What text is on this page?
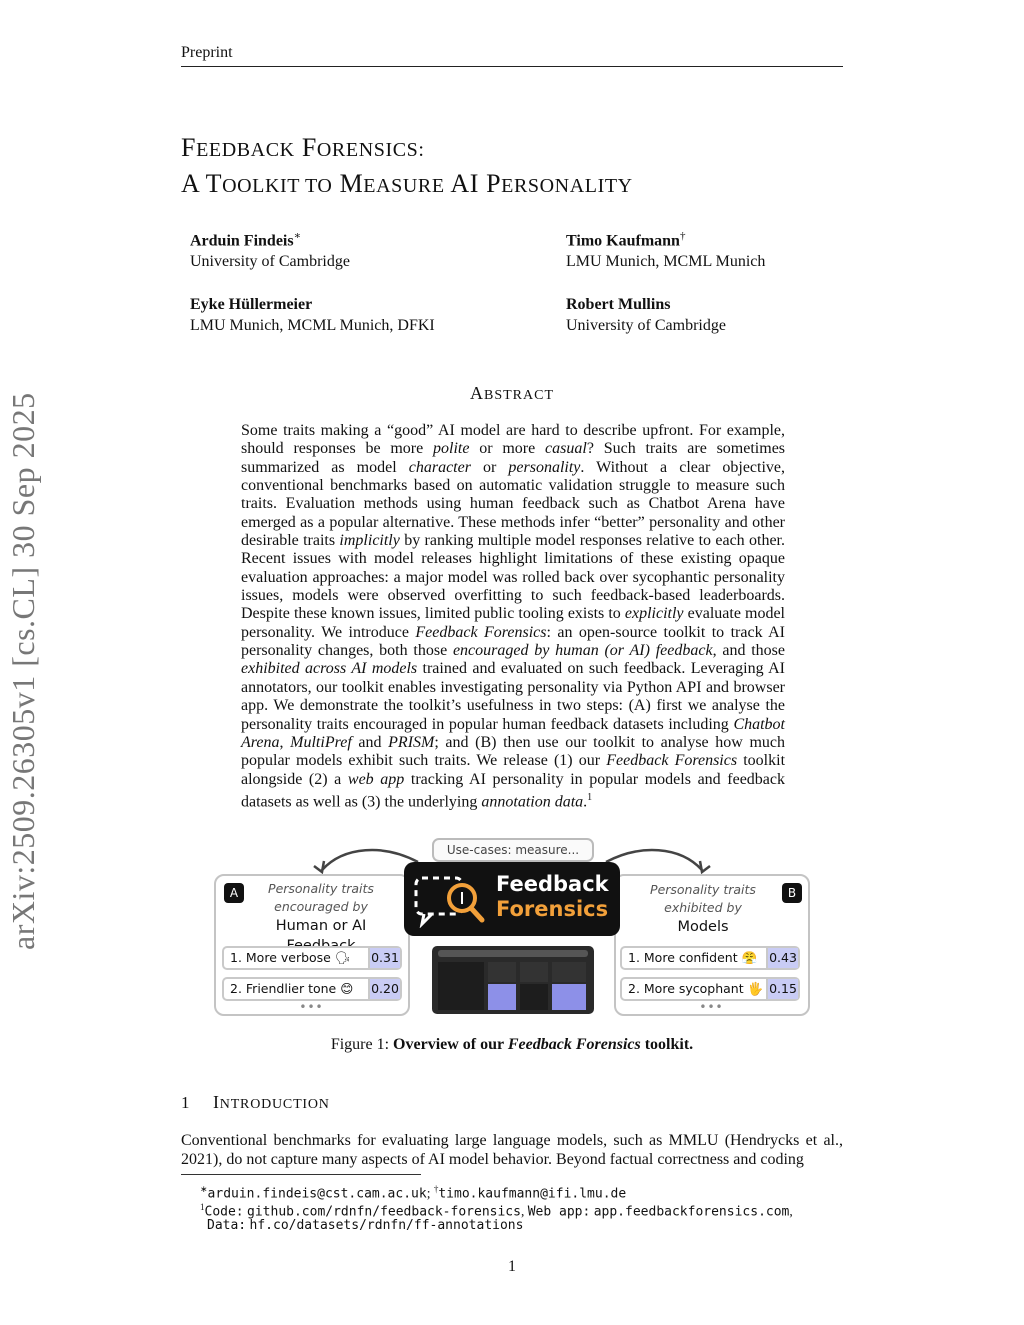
Preprint
arXiv:2509.26305v1 [cs.CL] 30 Sep 2025
FEEDBACK FORENSICS:
A TOOLKIT TO MEASURE AI PERSONALITY
Arduin Findeis∗
University of Cambridge
Timo Kaufmann†
LMU Munich, MCML Munich
Eyke Hüllermeier
LMU Munich, MCML Munich, DFKI
Robert Mullins
University of Cambridge
ABSTRACT
Some traits making a “good” AI model are hard to describe upfront. For example, should responses be more polite or more casual? Such traits are sometimes summarized as model character or personality. Without a clear objective, conventional benchmarks based on automatic validation struggle to measure such traits. Evaluation methods using human feedback such as Chatbot Arena have emerged as a popular alternative. These methods infer “better” personality and other desirable traits implicitly by ranking multiple model responses relative to each other. Recent issues with model releases highlight limitations of these existing opaque evaluation approaches: a major model was rolled back over sycophantic personality issues, models were observed overfitting to such feedback-based leaderboards. Despite these known issues, limited public tooling exists to explicitly evaluate model personality. We introduce Feedback Forensics: an open-source toolkit to track AI personality changes, both those encouraged by human (or AI) feedback, and those exhibited across AI models trained and evaluated on such feedback. Leveraging AI annotators, our toolkit enables investigating personality via Python API and browser app. We demonstrate the toolkit’s usefulness in two steps: (A) first we analyse the personality traits encouraged in popular human feedback datasets including Chatbot Arena, MultiPref and PRISM; and (B) then use our toolkit to analyse how much popular models exhibit such traits. We release (1) our Feedback Forensics toolkit alongside (2) a web app tracking AI personality in popular models and feedback datasets as well as (3) the underlying annotation data.$^1$
Use-cases: measure...
A	Personality traits
encouraged by
Human or AI
1. More verbose 🗣 0.31
2. Friendlier tone 😊 0.20
•••
B
Personality traits
exhibited by
Models
1. More confident 😤 0.43
2. More sycophant 🖐 0.15
•••
Feedback
Forensics
Figure 1: Overview of our Feedback Forensics toolkit.
1 INTRODUCTION
Conventional benchmarks for evaluating large language models, such as MMLU (Hendrycks et al., 2021), do not capture many aspects of AI model behavior. Beyond factual correctness and coding
∗arduin.findeis@cst.cam.ac.uk; †timo.kaufmann@ifi.lmu.de
$^1$Code: github.com/rdnfn/feedback-forensics, Web app: app.feedbackforensics.com,
Data: hf.co/datasets/rdnfn/ff-annotations
1
